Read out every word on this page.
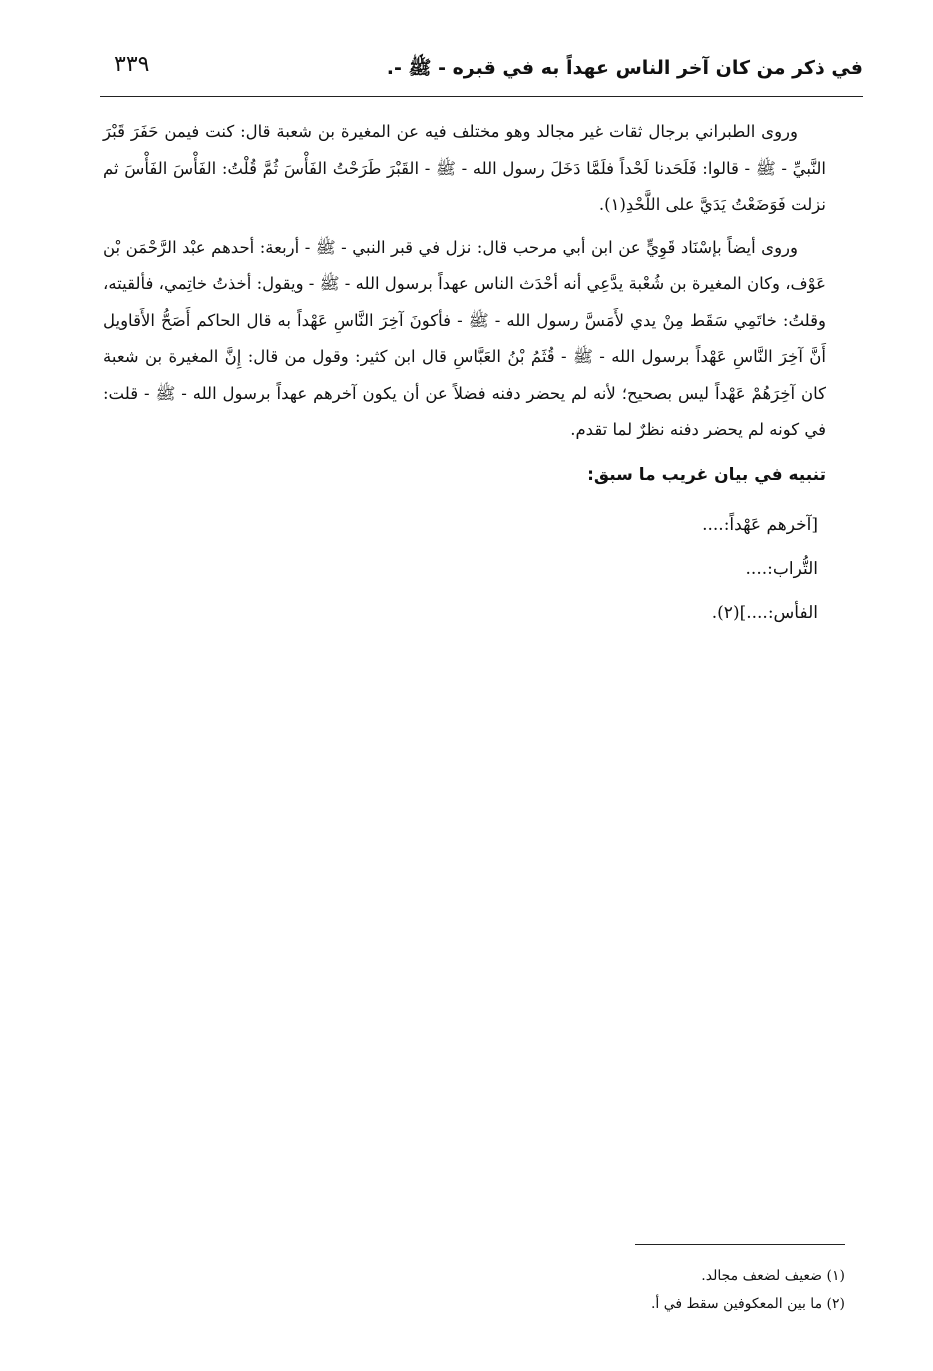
٣٣٩	في ذكر من كان آخر الناس عهداً به في قبره - ﷺ -.

وروى الطبراني برجال ثقات غير مجالد وهو مختلف فيه عن المغيرة بن شعبة قال: كنت فيمن حَفَرَ قَبْرَ النَّبيِّ - ﷺ - قالوا: فَلَحَدنا لَحْداً فلَمَّا دَخَلَ رسول الله - ﷺ - القَبْرَ طَرَحْتُ الفَأْسَ ثُمَّ قُلْتُ: الفَأْسَ الفَأْسَ ثم نزلت فَوَضَعْتُ يَدَيَّ على اللَّحْدِ(١).

وروى أيضاً بإسْنَاد قَوِيٍّ عن ابن أبي مرحب قال: نزل في قبر النبي - ﷺ - أربعة: أحدهم عبْد الرَّحْمَن بْن عَوْف، وكان المغيرة بن شُعْبة يدَّعِي أنه أحْدَث الناس عهداً برسول الله - ﷺ - ويقول: أخذتُ خاتِمي، فألقيته، وقلتُ: خاتَمِي سَقَط مِنْ يدي لأَمَسَّ رسول الله - ﷺ - فأكونَ آخِرَ النَّاسِ عَهْداً به قال الحاكم أَصَحُّ الأَقاويل أَنَّ آخِرَ النَّاسِ عَهْداً برسول الله - ﷺ - قُثَمُ بْنُ العَبَّاسِ قال ابن كثير: وقول من قال: إِنَّ المغيرة بن شعبة كان آخِرَهُمْ عَهْداً ليس بصحيح؛ لأنه لم يحضر دفنه فضلاً عن أن يكون آخرهم عهداً برسول الله - ﷺ - قلت: في كونه لم يحضر دفنه نظرٌ لما تقدم.

تنبيه في بيان غريب ما سبق:

[آخرهم عَهْداً:....

التُّراب:....

الفأس:....](٢).

(١) ضعيف لضعف مجالد.

(٢) ما بين المعكوفين سقط في أ.
